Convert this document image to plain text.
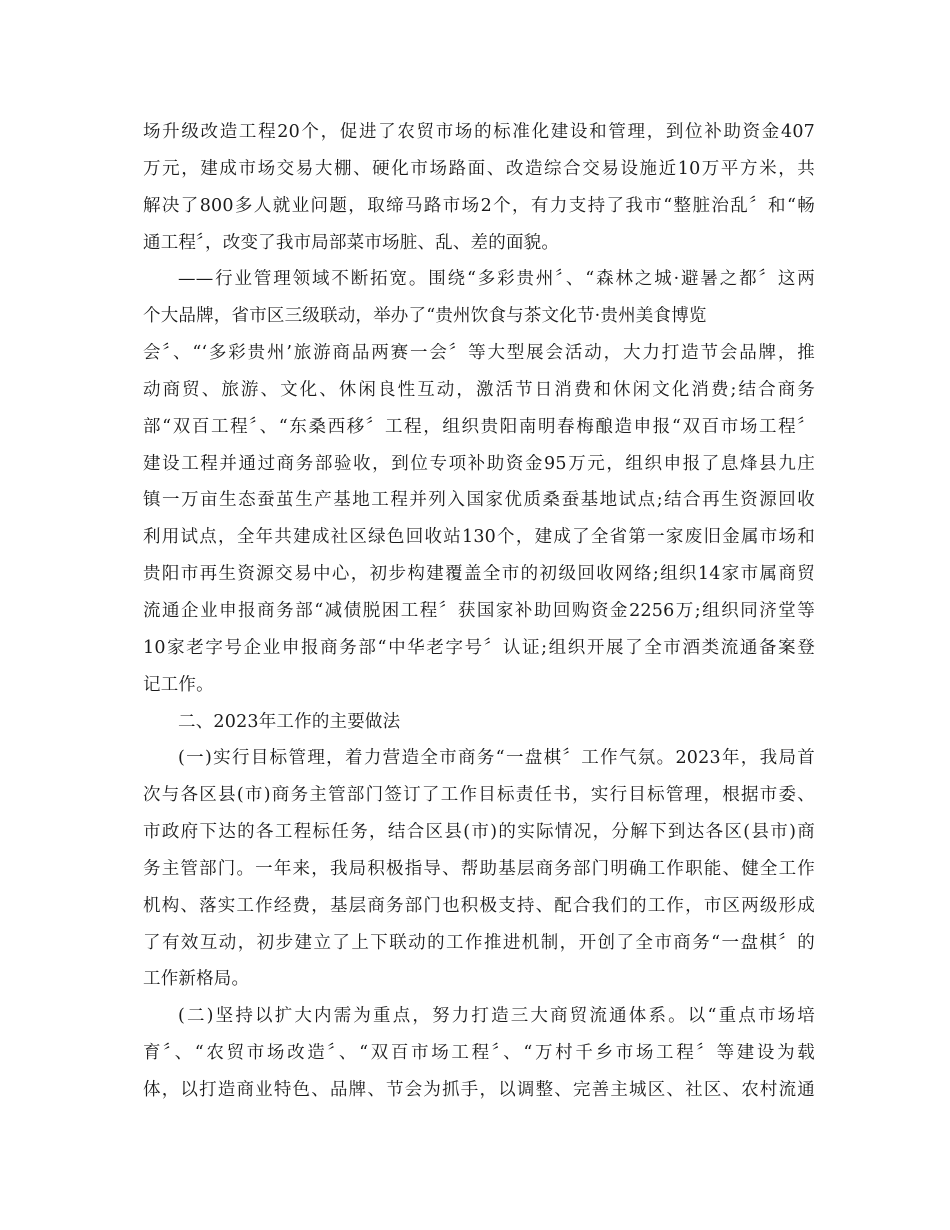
场升级改造工程20个，促进了农贸市场的标准化建设和管理，到位补助资金407
万元，建成市场交易大棚、硬化市场路面、改造综合交易设施近10万平方米，共
解决了800多人就业问题，取缔马路市场2个，有力支持了我市“整脏治乱〞和“畅
通工程〞，改变了我市局部菜市场脏、乱、差的面貌。
——行业管理领域不断拓宽。围绕“多彩贵州〞、“森林之城·避暑之都〞这两
个大品牌，省市区三级联动，举办了“贵州饮食与茶文化节·贵州美食博览
会〞、“‘多彩贵州’旅游商品两赛一会〞等大型展会活动，大力打造节会品牌，推
动商贸、旅游、文化、休闲良性互动，激活节日消费和休闲文化消费;结合商务
部“双百工程〞、“东桑西移〞工程，组织贵阳南明春梅酿造申报“双百市场工程〞
建设工程并通过商务部验收，到位专项补助资金95万元，组织申报了息烽县九庄
镇一万亩生态蚕茧生产基地工程并列入国家优质桑蚕基地试点;结合再生资源回收
利用试点，全年共建成社区绿色回收站130个，建成了全省第一家废旧金属市场和
贵阳市再生资源交易中心，初步构建覆盖全市的初级回收网络;组织14家市属商贸
流通企业申报商务部“减债脱困工程〞获国家补助回购资金2256万;组织同济堂等
10家老字号企业申报商务部“中华老字号〞认证;组织开展了全市酒类流通备案登
记工作。
二、2023年工作的主要做法
(一)实行目标管理，着力营造全市商务“一盘棋〞工作气氛。2023年，我局首
次与各区县(市)商务主管部门签订了工作目标责任书，实行目标管理，根据市委、
市政府下达的各工程标任务，结合区县(市)的实际情况，分解下到达各区(县市)商
务主管部门。一年来，我局积极指导、帮助基层商务部门明确工作职能、健全工作
机构、落实工作经费，基层商务部门也积极支持、配合我们的工作，市区两级形成
了有效互动，初步建立了上下联动的工作推进机制，开创了全市商务“一盘棋〞的
工作新格局。
(二)坚持以扩大内需为重点，努力打造三大商贸流通体系。以“重点市场培
育〞、“农贸市场改造〞、“双百市场工程〞、“万村千乡市场工程〞等建设为载
体，以打造商业特色、品牌、节会为抓手，以调整、完善主城区、社区、农村流通
